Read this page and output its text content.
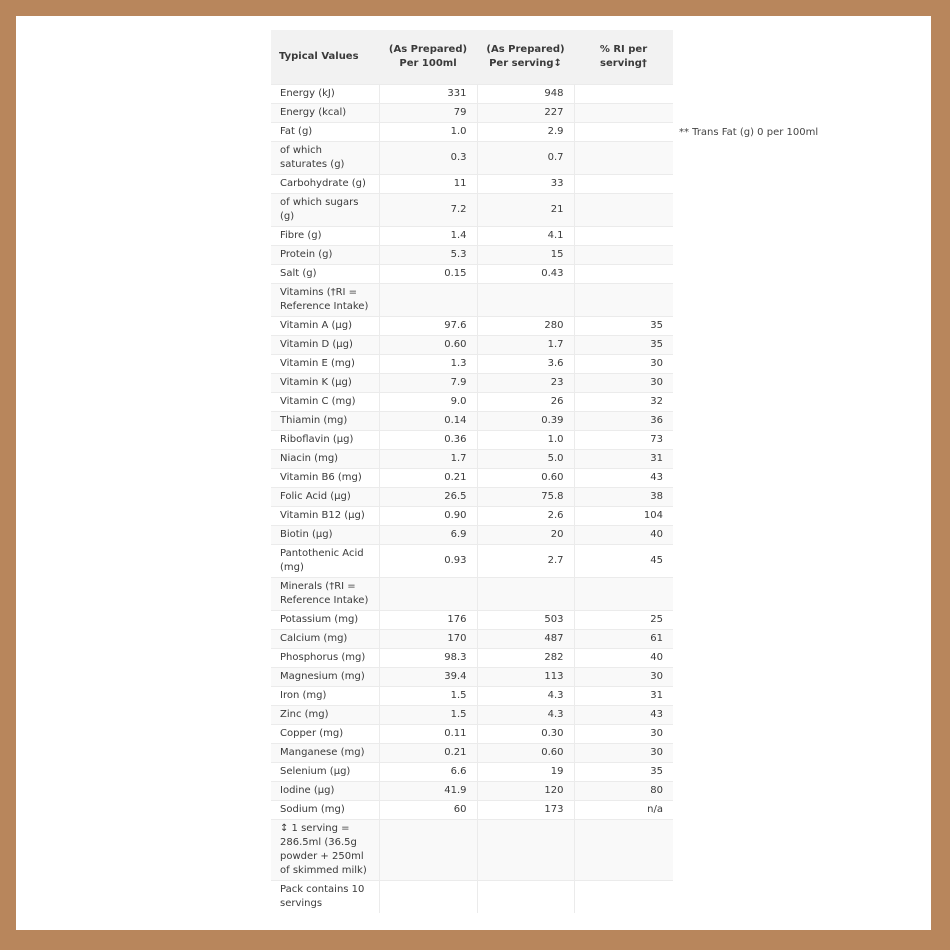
Typical Values	(As Prepared) Per 100ml	(As Prepared) Per serving↕	% RI per serving†
Energy (kJ)	331	948	
Energy (kcal)	79	227	
Fat (g)	1.0	2.9	
of which saturates (g)	0.3	0.7	
Carbohydrate (g)	11	33	
of which sugars (g)	7.2	21	
Fibre (g)	1.4	4.1	
Protein (g)	5.3	15	
Salt (g)	0.15	0.43	
Vitamins (†RI = Reference Intake)			
Vitamin A (µg)	97.6	280	35
Vitamin D (µg)	0.60	1.7	35
Vitamin E (mg)	1.3	3.6	30
Vitamin K (µg)	7.9	23	30
Vitamin C (mg)	9.0	26	32
Thiamin (mg)	0.14	0.39	36
Riboflavin (µg)	0.36	1.0	73
Niacin (mg)	1.7	5.0	31
Vitamin B6 (mg)	0.21	0.60	43
Folic Acid (µg)	26.5	75.8	38
Vitamin B12 (µg)	0.90	2.6	104
Biotin (µg)	6.9	20	40
Pantothenic Acid (mg)	0.93	2.7	45
Minerals (†RI = Reference Intake)			
Potassium (mg)	176	503	25
Calcium (mg)	170	487	61
Phosphorus (mg)	98.3	282	40
Magnesium (mg)	39.4	113	30
Iron (mg)	1.5	4.3	31
Zinc (mg)	1.5	4.3	43
Copper (mg)	0.11	0.30	30
Manganese (mg)	0.21	0.60	30
Selenium (µg)	6.6	19	35
Iodine (µg)	41.9	120	80
Sodium (mg)	60	173	n/a
↕ 1 serving = 286.5ml (36.5g powder + 250ml of skimmed milk)			
Pack contains 10 servings			
** Trans Fat (g) 0 per 100ml
